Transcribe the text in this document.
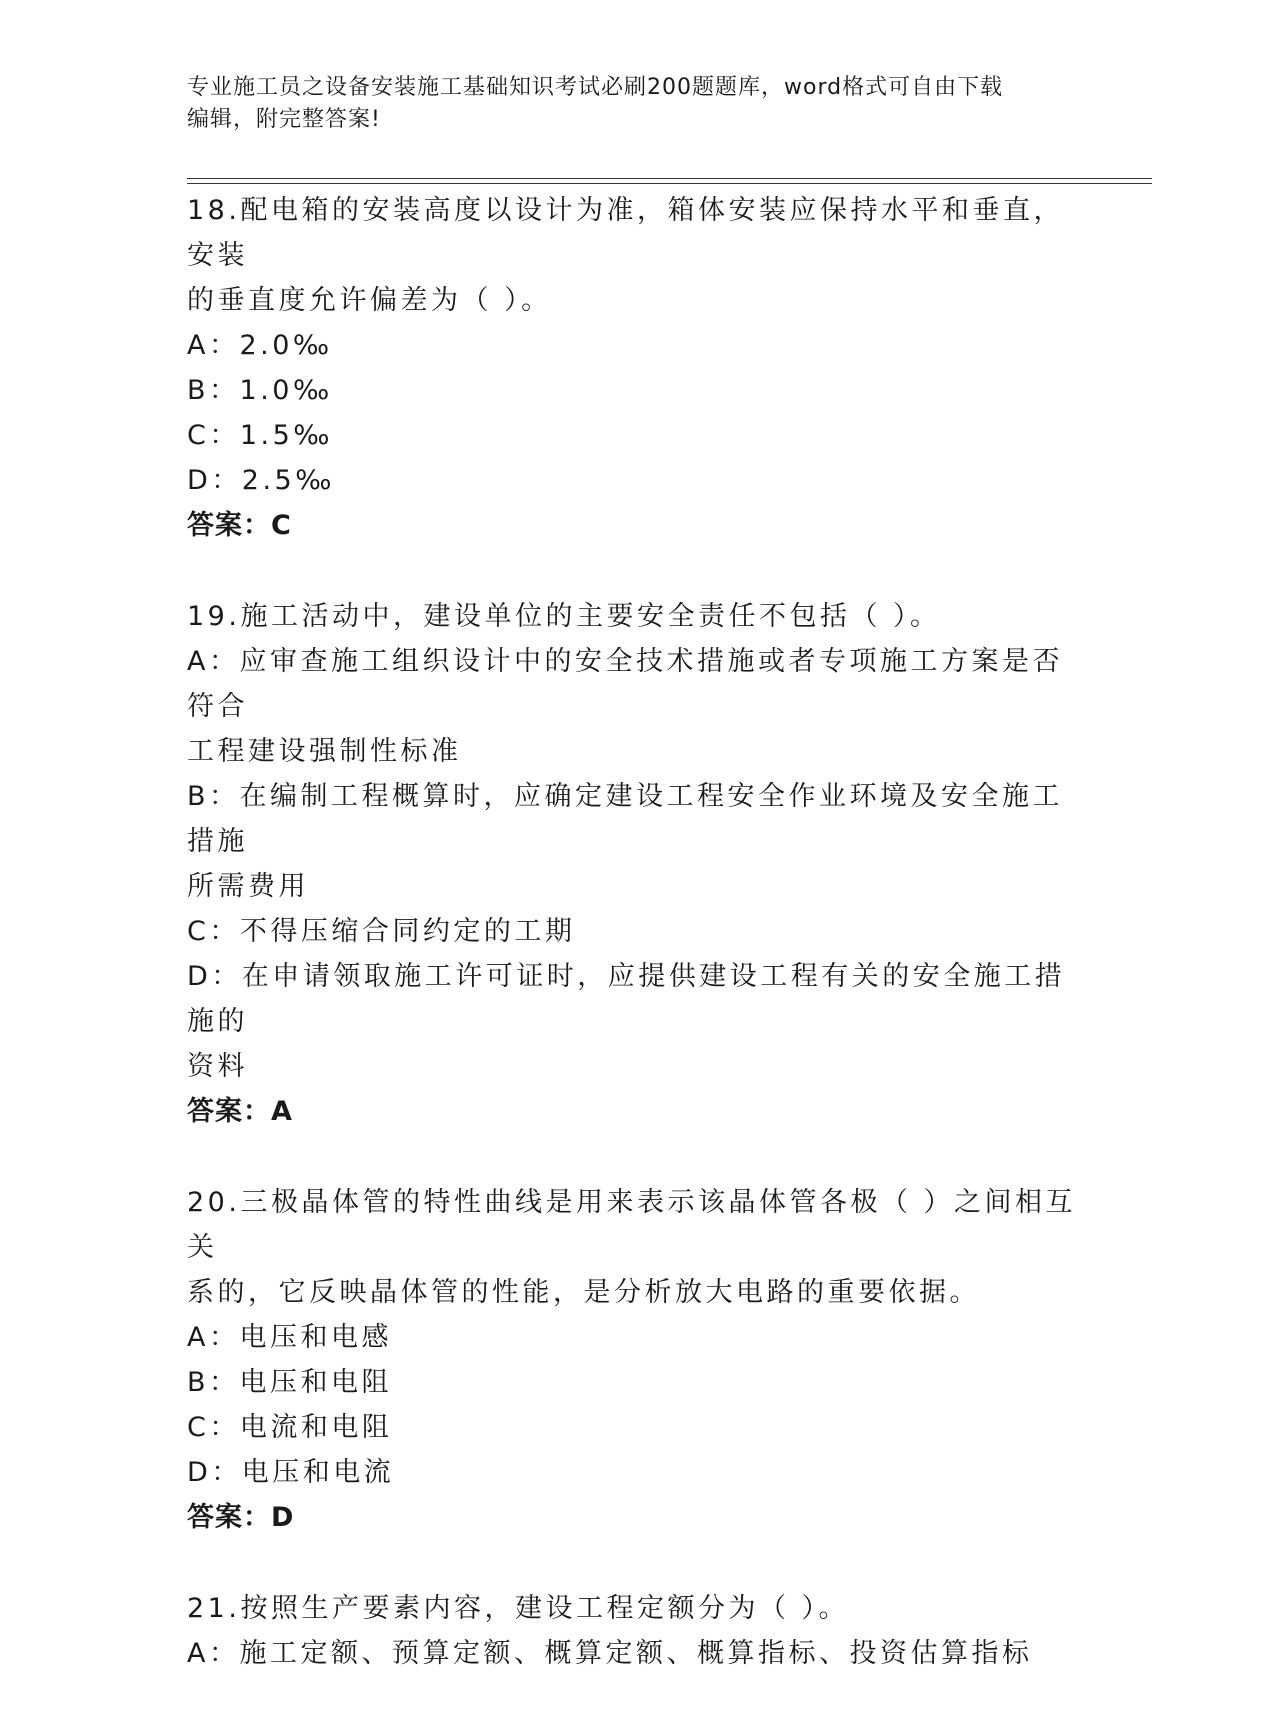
专业施工员之设备安装施工基础知识考试必刷200题题库，word格式可自由下载
编辑，附完整答案!
18.配电箱的安装高度以设计为准，箱体安装应保持水平和垂直，安装
的垂直度允许偏差为（ ）。
A：2.0‰
B：1.0‰
C：1.5‰
D：2.5‰
答案：C
19.施工活动中，建设单位的主要安全责任不包括（ ）。
A：应审查施工组织设计中的安全技术措施或者专项施工方案是否符合
工程建设强制性标准
B：在编制工程概算时，应确定建设工程安全作业环境及安全施工措施
所需费用
C：不得压缩合同约定的工期
D：在申请领取施工许可证时，应提供建设工程有关的安全施工措施的
资料
答案：A
20.三极晶体管的特性曲线是用来表示该晶体管各极（ ）之间相互关
系的，它反映晶体管的性能，是分析放大电路的重要依据。
A：电压和电感
B：电压和电阻
C：电流和电阻
D：电压和电流
答案：D
21.按照生产要素内容，建设工程定额分为（ ）。
A：施工定额、预算定额、概算定额、概算指标、投资估算指标
